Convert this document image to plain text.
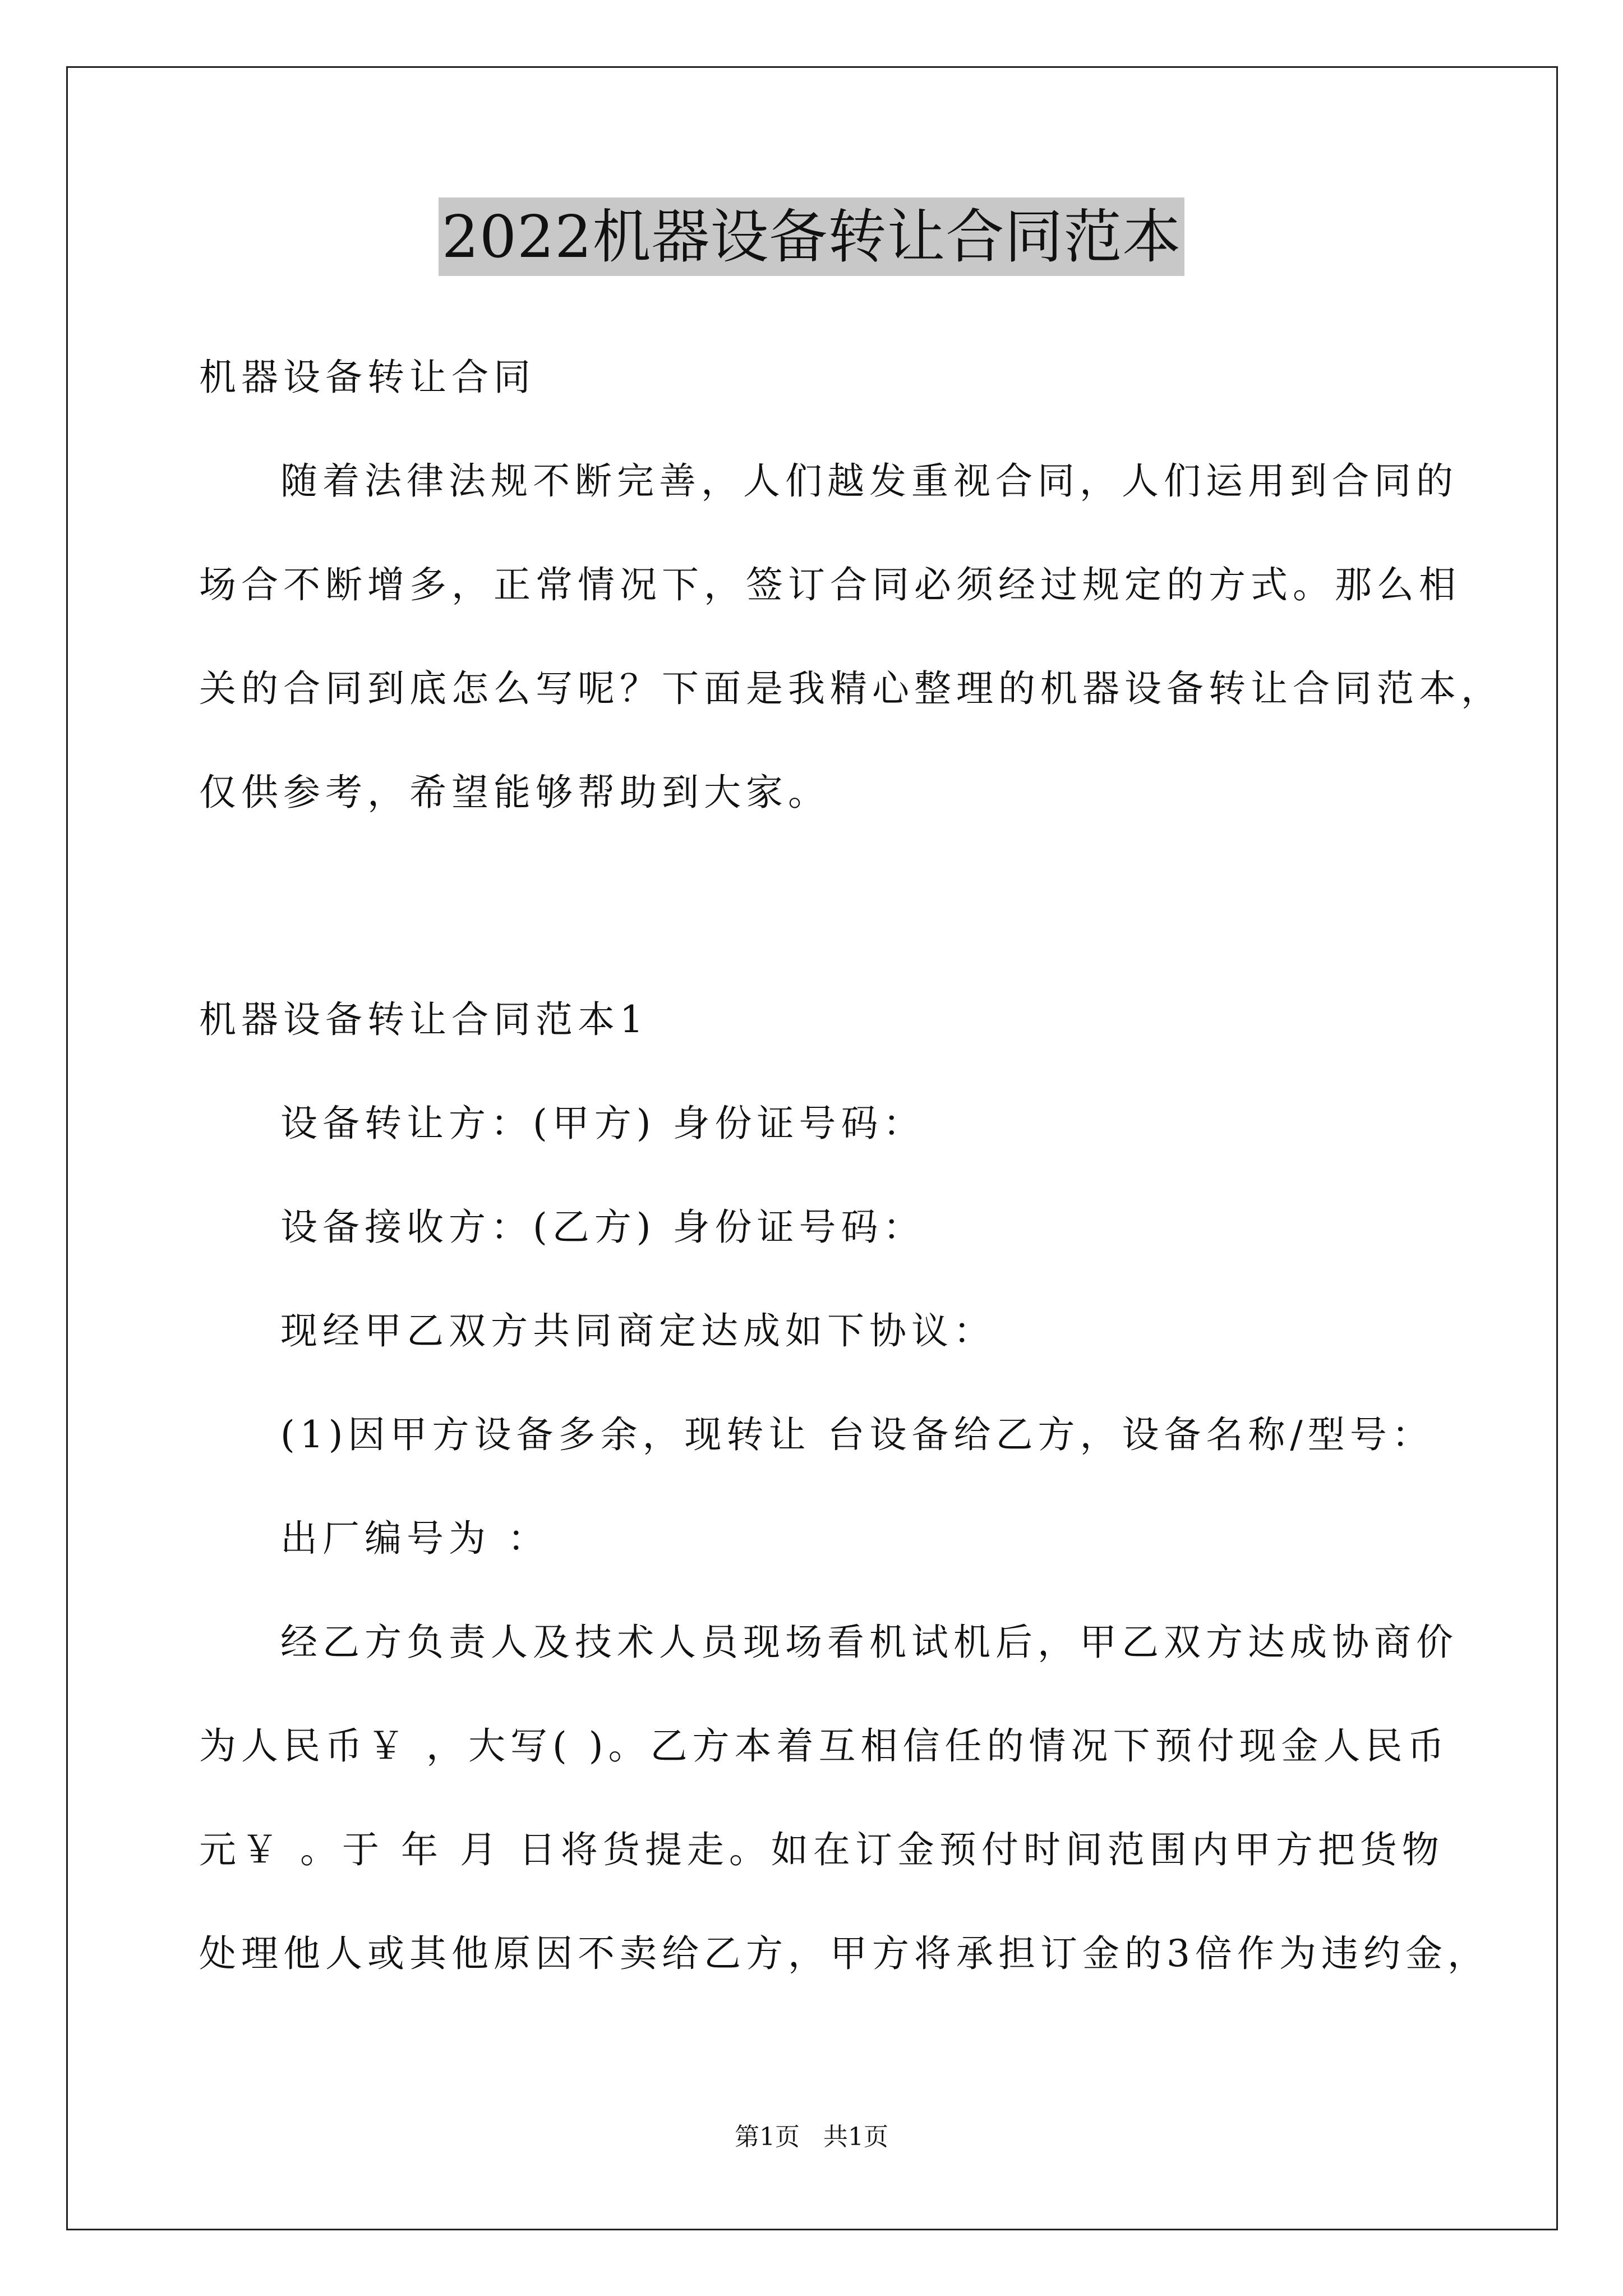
2022机器设备转让合同范本
机器设备转让合同
随着法律法规不断完善，人们越发重视合同，人们运用到合同的
场合不断增多，正常情况下，签订合同必须经过规定的方式。那么相
关的合同到底怎么写呢？下面是我精心整理的机器设备转让合同范本，
仅供参考，希望能够帮助到大家。
机器设备转让合同范本1
设备转让方：(甲方) 身份证号码：
设备接收方：(乙方) 身份证号码：
现经甲乙双方共同商定达成如下协议：
(1)因甲方设备多余，现转让 台设备给乙方，设备名称/型号：
出厂编号为 ：
经乙方负责人及技术人员现场看机试机后，甲乙双方达成协商价
为人民币￥ ，大写( )。乙方本着互相信任的情况下预付现金人民币
元￥ 。于 年 月 日将货提走。如在订金预付时间范围内甲方把货物
处理他人或其他原因不卖给乙方，甲方将承担订金的3倍作为违约金，
第1页   共1页
